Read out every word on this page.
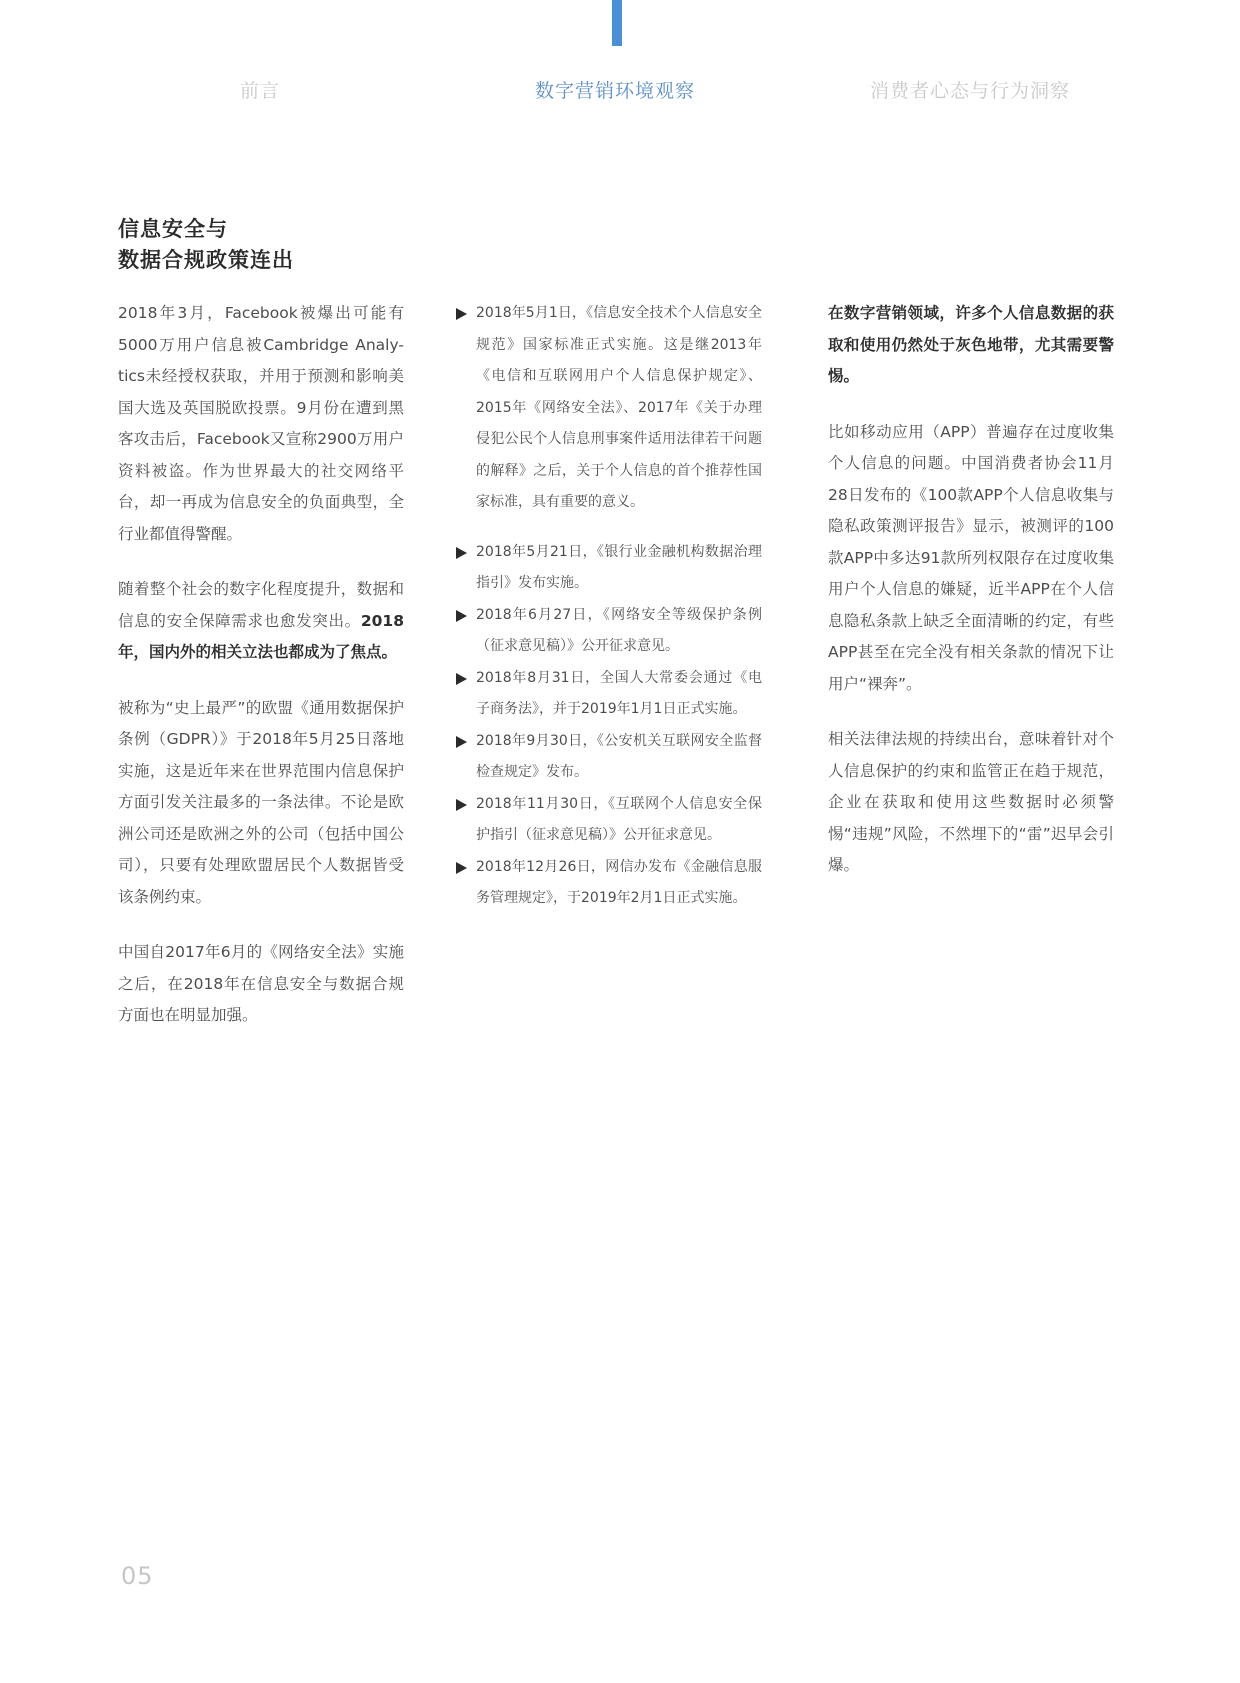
前言	数字营销环境观察	消费者心态与行为洞察
信息安全与
数据合规政策连出

2018年3月，Facebook被爆出可能有5000万用户信息被Cambridge Analy-tics未经授权获取，并用于预测和影响美国大选及英国脱欧投票。9月份在遭到黑客攻击后，Facebook又宣称2900万用户资料被盗。作为世界最大的社交网络平台，却一再成为信息安全的负面典型，全行业都值得警醒。

随着整个社会的数字化程度提升，数据和信息的安全保障需求也愈发突出。2018年，国内外的相关立法也都成为了焦点。

被称为“史上最严”的欧盟《通用数据保护条例（GDPR）》于2018年5月25日落地实施，这是近年来在世界范围内信息保护方面引发关注最多的一条法律。不论是欧洲公司还是欧洲之外的公司（包括中国公司），只要有处理欧盟居民个人数据皆受该条例约束。

中国自2017年6月的《网络安全法》实施之后，在2018年在信息安全与数据合规方面也在明显加强。

2018年5月1日，《信息安全技术个人信息安全规范》国家标准正式实施。这是继2013年《电信和互联网用户个人信息保护规定》、2015年《网络安全法》、2017年《关于办理侵犯公民个人信息刑事案件适用法律若干问题的解释》之后，关于个人信息的首个推荐性国家标准，具有重要的意义。
2018年5月21日，《银行业金融机构数据治理指引》发布实施。
2018年6月27日，《网络安全等级保护条例（征求意见稿）》公开征求意见。
2018年8月31日，全国人大常委会通过《电子商务法》，并于2019年1月1日正式实施。
2018年9月30日，《公安机关互联网安全监督检查规定》发布。
2018年11月30日，《互联网个人信息安全保护指引（征求意见稿）》公开征求意见。
2018年12月26日，网信办发布《金融信息服务管理规定》，于2019年2月1日正式实施。

在数字营销领域，许多个人信息数据的获取和使用仍然处于灰色地带，尤其需要警惕。

比如移动应用（APP）普遍存在过度收集个人信息的问题。中国消费者协会11月28日发布的《100款APP个人信息收集与隐私政策测评报告》显示，被测评的100款APP中多达91款所列权限存在过度收集用户个人信息的嫌疑，近半APP在个人信息隐私条款上缺乏全面清晰的约定，有些APP甚至在完全没有相关条款的情况下让用户“裸奔”。

相关法律法规的持续出台，意味着针对个人信息保护的约束和监管正在趋于规范，企业在获取和使用这些数据时必须警惕“违规”风险，不然埋下的“雷”迟早会引爆。

05
